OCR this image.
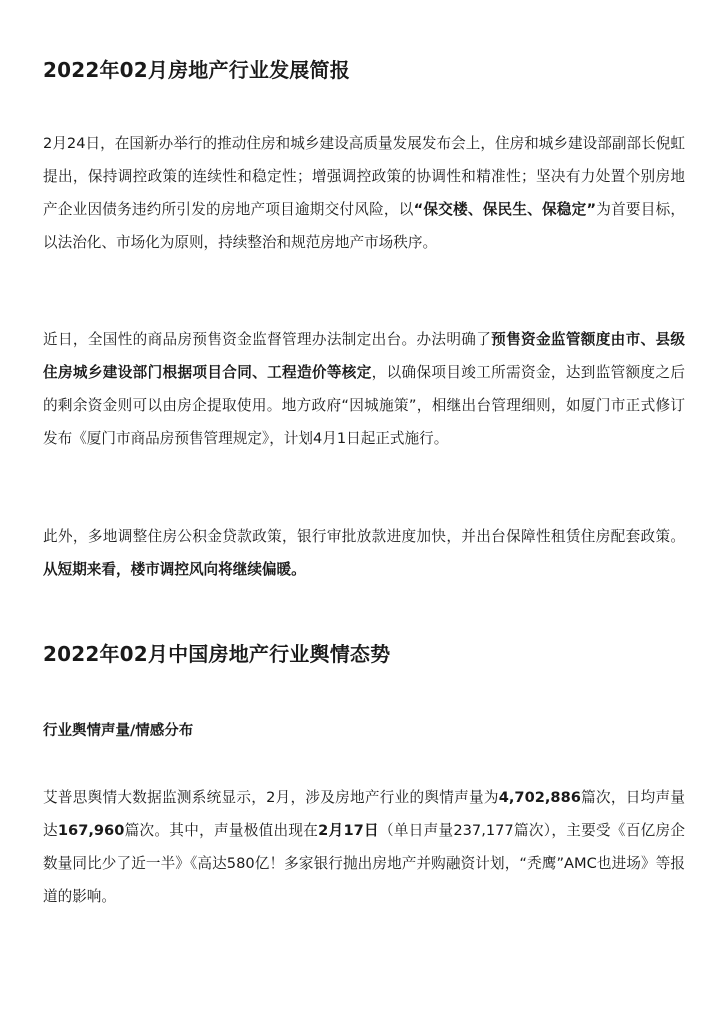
2022年02月房地产行业发展简报

2月24日，在国新办举行的推动住房和城乡建设高质量发展发布会上，住房和城乡建设部副部长倪虹提出，保持调控政策的连续性和稳定性；增强调控政策的协调性和精准性；坚决有力处置个别房地产企业因债务违约所引发的房地产项目逾期交付风险，以“保交楼、保民生、保稳定”为首要目标，以法治化、市场化为原则，持续整治和规范房地产市场秩序。

近日，全国性的商品房预售资金监督管理办法制定出台。办法明确了预售资金监管额度由市、县级住房城乡建设部门根据项目合同、工程造价等核定，以确保项目竣工所需资金，达到监管额度之后的剩余资金则可以由房企提取使用。地方政府“因城施策”，相继出台管理细则，如厦门市正式修订发布《厦门市商品房预售管理规定》，计划4月1日起正式施行。

此外，多地调整住房公积金贷款政策，银行审批放款进度加快，并出台保障性租赁住房配套政策。从短期来看，楼市调控风向将继续偏暖。

2022年02月中国房地产行业舆情态势
行业舆情声量/情感分布

艾普思舆情大数据监测系统显示，2月，涉及房地产行业的舆情声量为4,702,886篇次，日均声量达167,960篇次。其中，声量极值出现在2月17日（单日声量237,177篇次），主要受《百亿房企数量同比少了近一半》《高达580亿！多家银行抛出房地产并购融资计划，“秃鹰”AMC也进场》等报道的影响。
